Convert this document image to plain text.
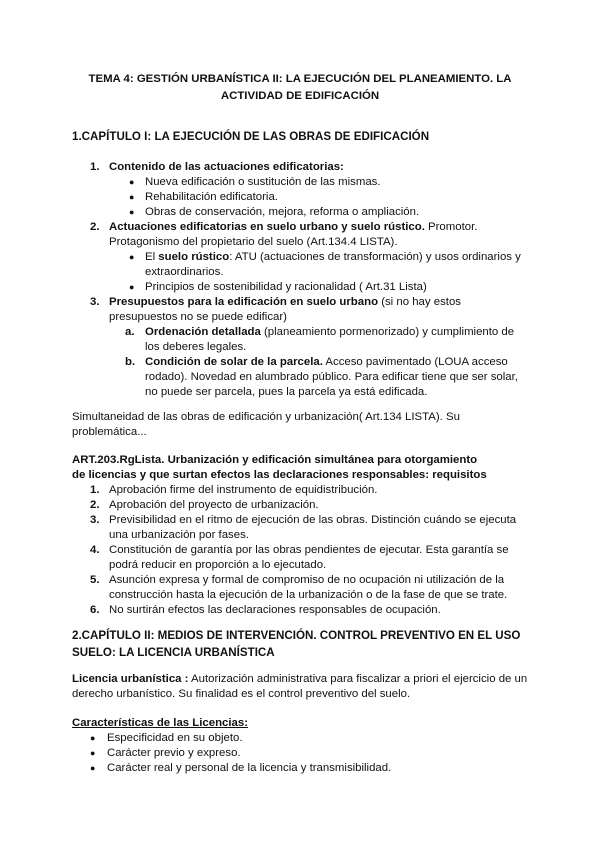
TEMA 4: GESTIÓN URBANÍSTICA II: LA EJECUCIÓN DEL PLANEAMIENTO. LA
ACTIVIDAD DE EDIFICACIÓN
1.CAPÍTULO I: LA EJECUCIÓN DE LAS OBRAS DE EDIFICACIÓN
1. Contenido de las actuaciones edificatorias:
● Nueva edificación o sustitución de las mismas.
● Rehabilitación edificatoria.
● Obras de conservación, mejora, reforma o ampliación.
2. Actuaciones edificatorias en suelo urbano y suelo rústico. Promotor. Protagonismo del propietario del suelo (Art.134.4 LISTA).
● El suelo rústico: ATU (actuaciones de transformación) y usos ordinarios y extraordinarios.
● Principios de sostenibilidad y racionalidad ( Art.31 Lista)
3. Presupuestos para la edificación en suelo urbano (si no hay estos presupuestos no se puede edificar)
a. Ordenación detallada (planeamiento pormenorizado) y cumplimiento de los deberes legales.
b. Condición de solar de la parcela. Acceso pavimentado (LOUA acceso rodado). Novedad en alumbrado público. Para edificar tiene que ser solar, no puede ser parcela, pues la parcela ya está edificada.

Simultaneidad de las obras de edificación y urbanización( Art.134 LISTA). Su problemática...

ART.203.RgLista. Urbanización y edificación simultánea para otorgamiento
de licencias y que surtan efectos las declaraciones responsables: requisitos
1. Aprobación firme del instrumento de equidistribución.
2. Aprobación del proyecto de urbanización.
3. Previsibilidad en el ritmo de ejecución de las obras. Distinción cuándo se ejecuta una urbanización por fases.
4. Constitución de garantía por las obras pendientes de ejecutar. Esta garantía se podrá reducir en proporción a lo ejecutado.
5. Asunción expresa y formal de compromiso de no ocupación ni utilización de la construcción hasta la ejecución de la urbanización o de la fase de que se trate.
6. No surtirán efectos las declaraciones responsables de ocupación.
2.CAPÍTULO II: MEDIOS DE INTERVENCIÓN. CONTROL PREVENTIVO EN EL USO
SUELO: LA LICENCIA URBANÍSTICA

Licencia urbanística : Autorización administrativa para fiscalizar a priori el ejercicio de un derecho urbanístico. Su finalidad es el control preventivo del suelo.

Características de las Licencias:
● Especificidad en su objeto.
● Carácter previo y expreso.
● Carácter real y personal de la licencia y transmisibilidad.
